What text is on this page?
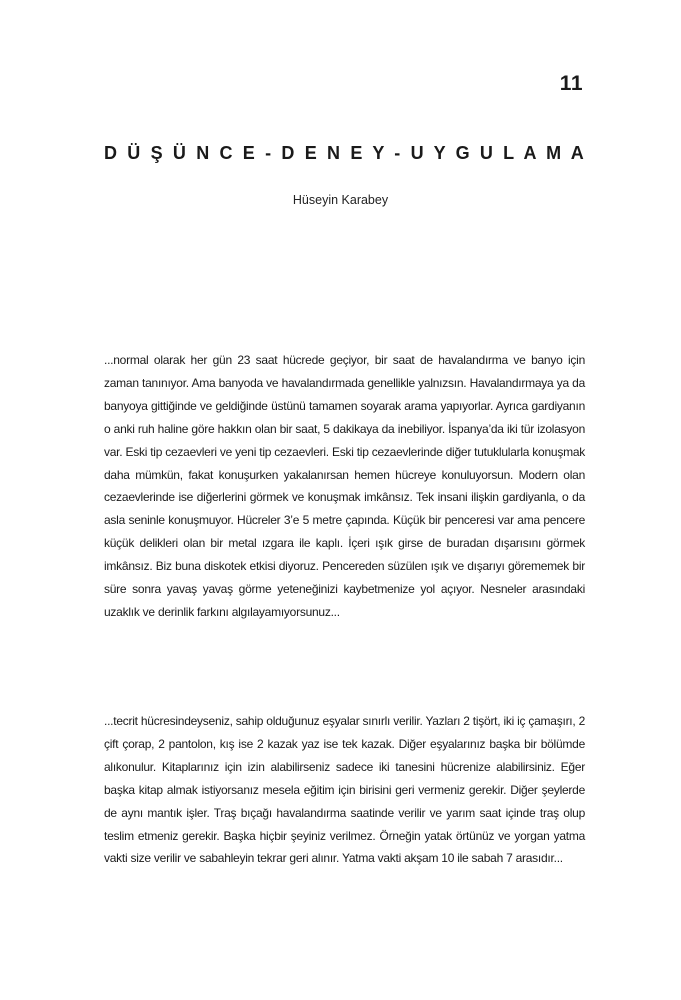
11
D Ü Ş Ü N C E - D E N E Y - U Y G U L A M A
Hüseyin Karabey

...normal olarak her gün 23 saat hücrede geçiyor, bir saat de havalandırma ve banyo için zaman tanınıyor. Ama banyoda ve havalandırmada genellikle yalnızsın. Havalandırmaya ya da banyoya gittiğinde ve geldiğinde üstünü tamamen soyarak arama yapıyorlar. Ayrıca gardiyanın o anki ruh haline göre hakkın olan bir saat, 5 dakikaya da inebiliyor. İspanya’da iki tür izolasyon var. Eski tip cezaevleri ve yeni tip cezaevleri. Eski tip cezaevlerinde diğer tutuklularla konuşmak daha mümkün, fakat konuşurken yakalanırsan hemen hücreye konuluyorsun. Modern olan cezaevlerinde ise diğerlerini görmek ve konuşmak imkânsız. Tek insani ilişkin gardiyanla, o da asla seninle konuşmuyor. Hücreler 3’e 5 metre çapında. Küçük bir penceresi var ama pencere küçük delikleri olan bir metal ızgara ile kaplı. İçeri ışık girse de buradan dışarısını görmek imkânsız. Biz buna diskotek etkisi diyoruz. Pencereden süzülen ışık ve dışarıyı görememek bir süre sonra yavaş yavaş görme yeteneğinizi kaybetmenize yol açıyor. Nesneler arasındaki uzaklık ve derinlik farkını algılayamıyorsunuz...

...tecrit hücresindeyseniz, sahip olduğunuz eşyalar sınırlı verilir. Yazları 2 tişört, iki iç çamaşırı, 2 çift çorap, 2 pantolon, kış ise 2 kazak yaz ise tek kazak. Diğer eşyalarınız başka bir bölümde alıkonulur. Kitaplarınız için izin alabilirseniz sadece iki tanesini hücrenize alabilirsiniz. Eğer başka kitap almak istiyorsanız mesela eğitim için birisini geri vermeniz gerekir. Diğer şeylerde de aynı mantık işler. Traş bıçağı havalandırma saatinde verilir ve yarım saat içinde traş olup teslim etmeniz gerekir. Başka hiçbir şeyiniz verilmez. Örneğin yatak örtünüz ve yorgan yatma vakti size verilir ve sabahleyin tekrar geri alınır. Yatma vakti akşam 10 ile sabah 7 arasıdır...
